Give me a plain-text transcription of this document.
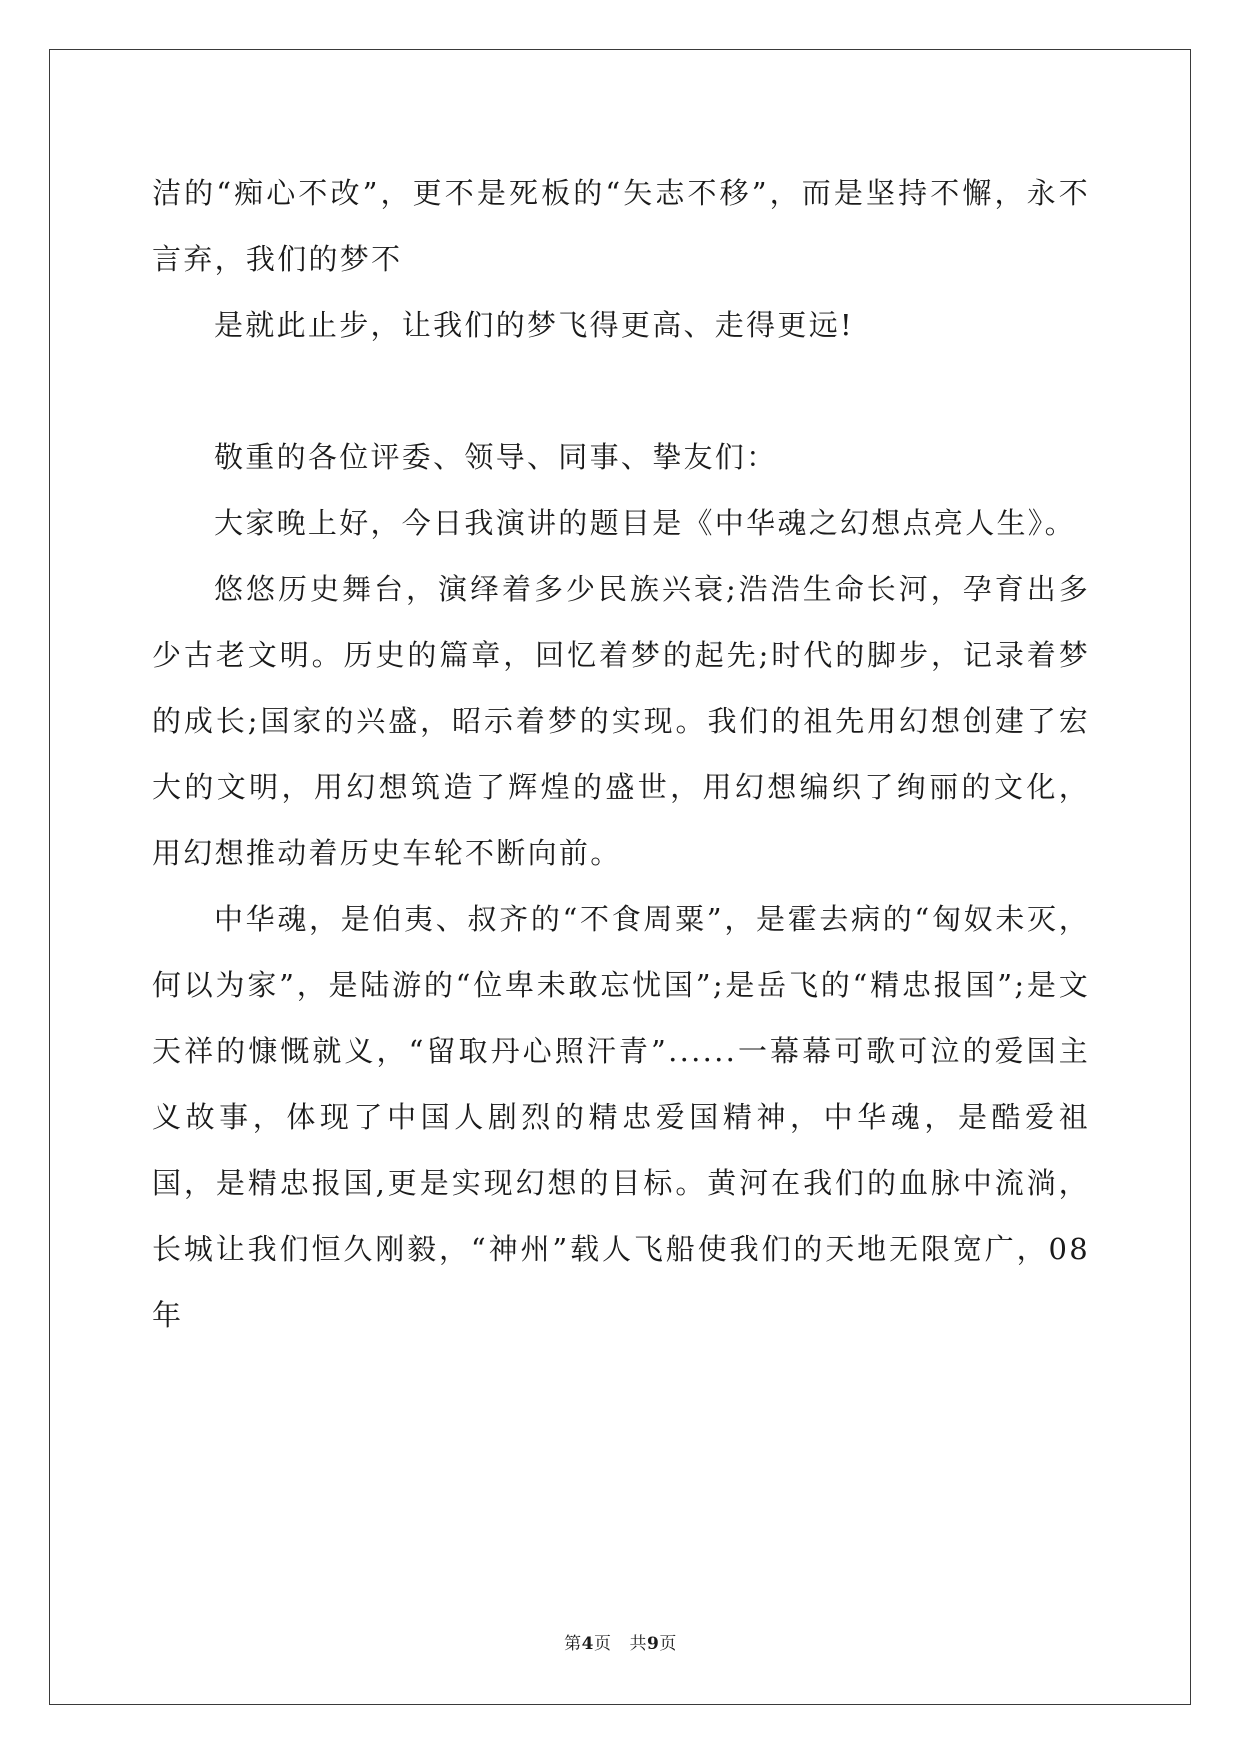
洁的“痴心不改”，更不是死板的“矢志不移”，而是坚持不懈，永不言弃，我们的梦不

是就此止步，让我们的梦飞得更高、走得更远!

敬重的各位评委、领导、同事、挚友们：

大家晚上好，今日我演讲的题目是《中华魂之幻想点亮人生》。

悠悠历史舞台，演绎着多少民族兴衰;浩浩生命长河，孕育出多少古老文明。历史的篇章，回忆着梦的起先;时代的脚步，记录着梦的成长;国家的兴盛，昭示着梦的实现。我们的祖先用幻想创建了宏大的文明，用幻想筑造了辉煌的盛世，用幻想编织了绚丽的文化，用幻想推动着历史车轮不断向前。

中华魂，是伯夷、叔齐的“不食周粟”，是霍去病的“匈奴未灭，何以为家”，是陆游的“位卑未敢忘忧国”;是岳飞的“精忠报国”;是文天祥的慷慨就义，“留取丹心照汗青”......一幕幕可歌可泣的爱国主义故事，体现了中国人剧烈的精忠爱国精神，中华魂，是酷爱祖国，是精忠报国,更是实现幻想的目标。黄河在我们的血脉中流淌，长城让我们恒久刚毅，“神州”载人飞船使我们的天地无限宽广，08 年

第4页 共9页
